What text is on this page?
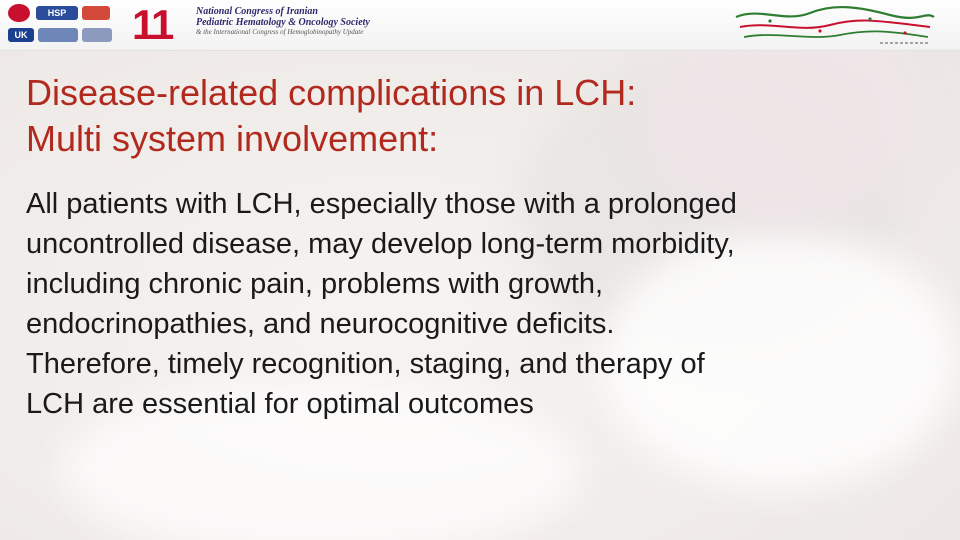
HSP
UK 11 National Congress of Iranian
Pediatric Hematology & Oncology Society
& the International Congress of Hemoglobinopathy Update
Disease-related complications in LCH:
Multi system involvement:
All patients with LCH, especially those with a prolonged
uncontrolled disease, may develop long-term morbidity,
including chronic pain, problems with growth,
endocrinopathies, and neurocognitive deficits.
Therefore, timely recognition, staging, and therapy of
LCH are essential for optimal outcomes
